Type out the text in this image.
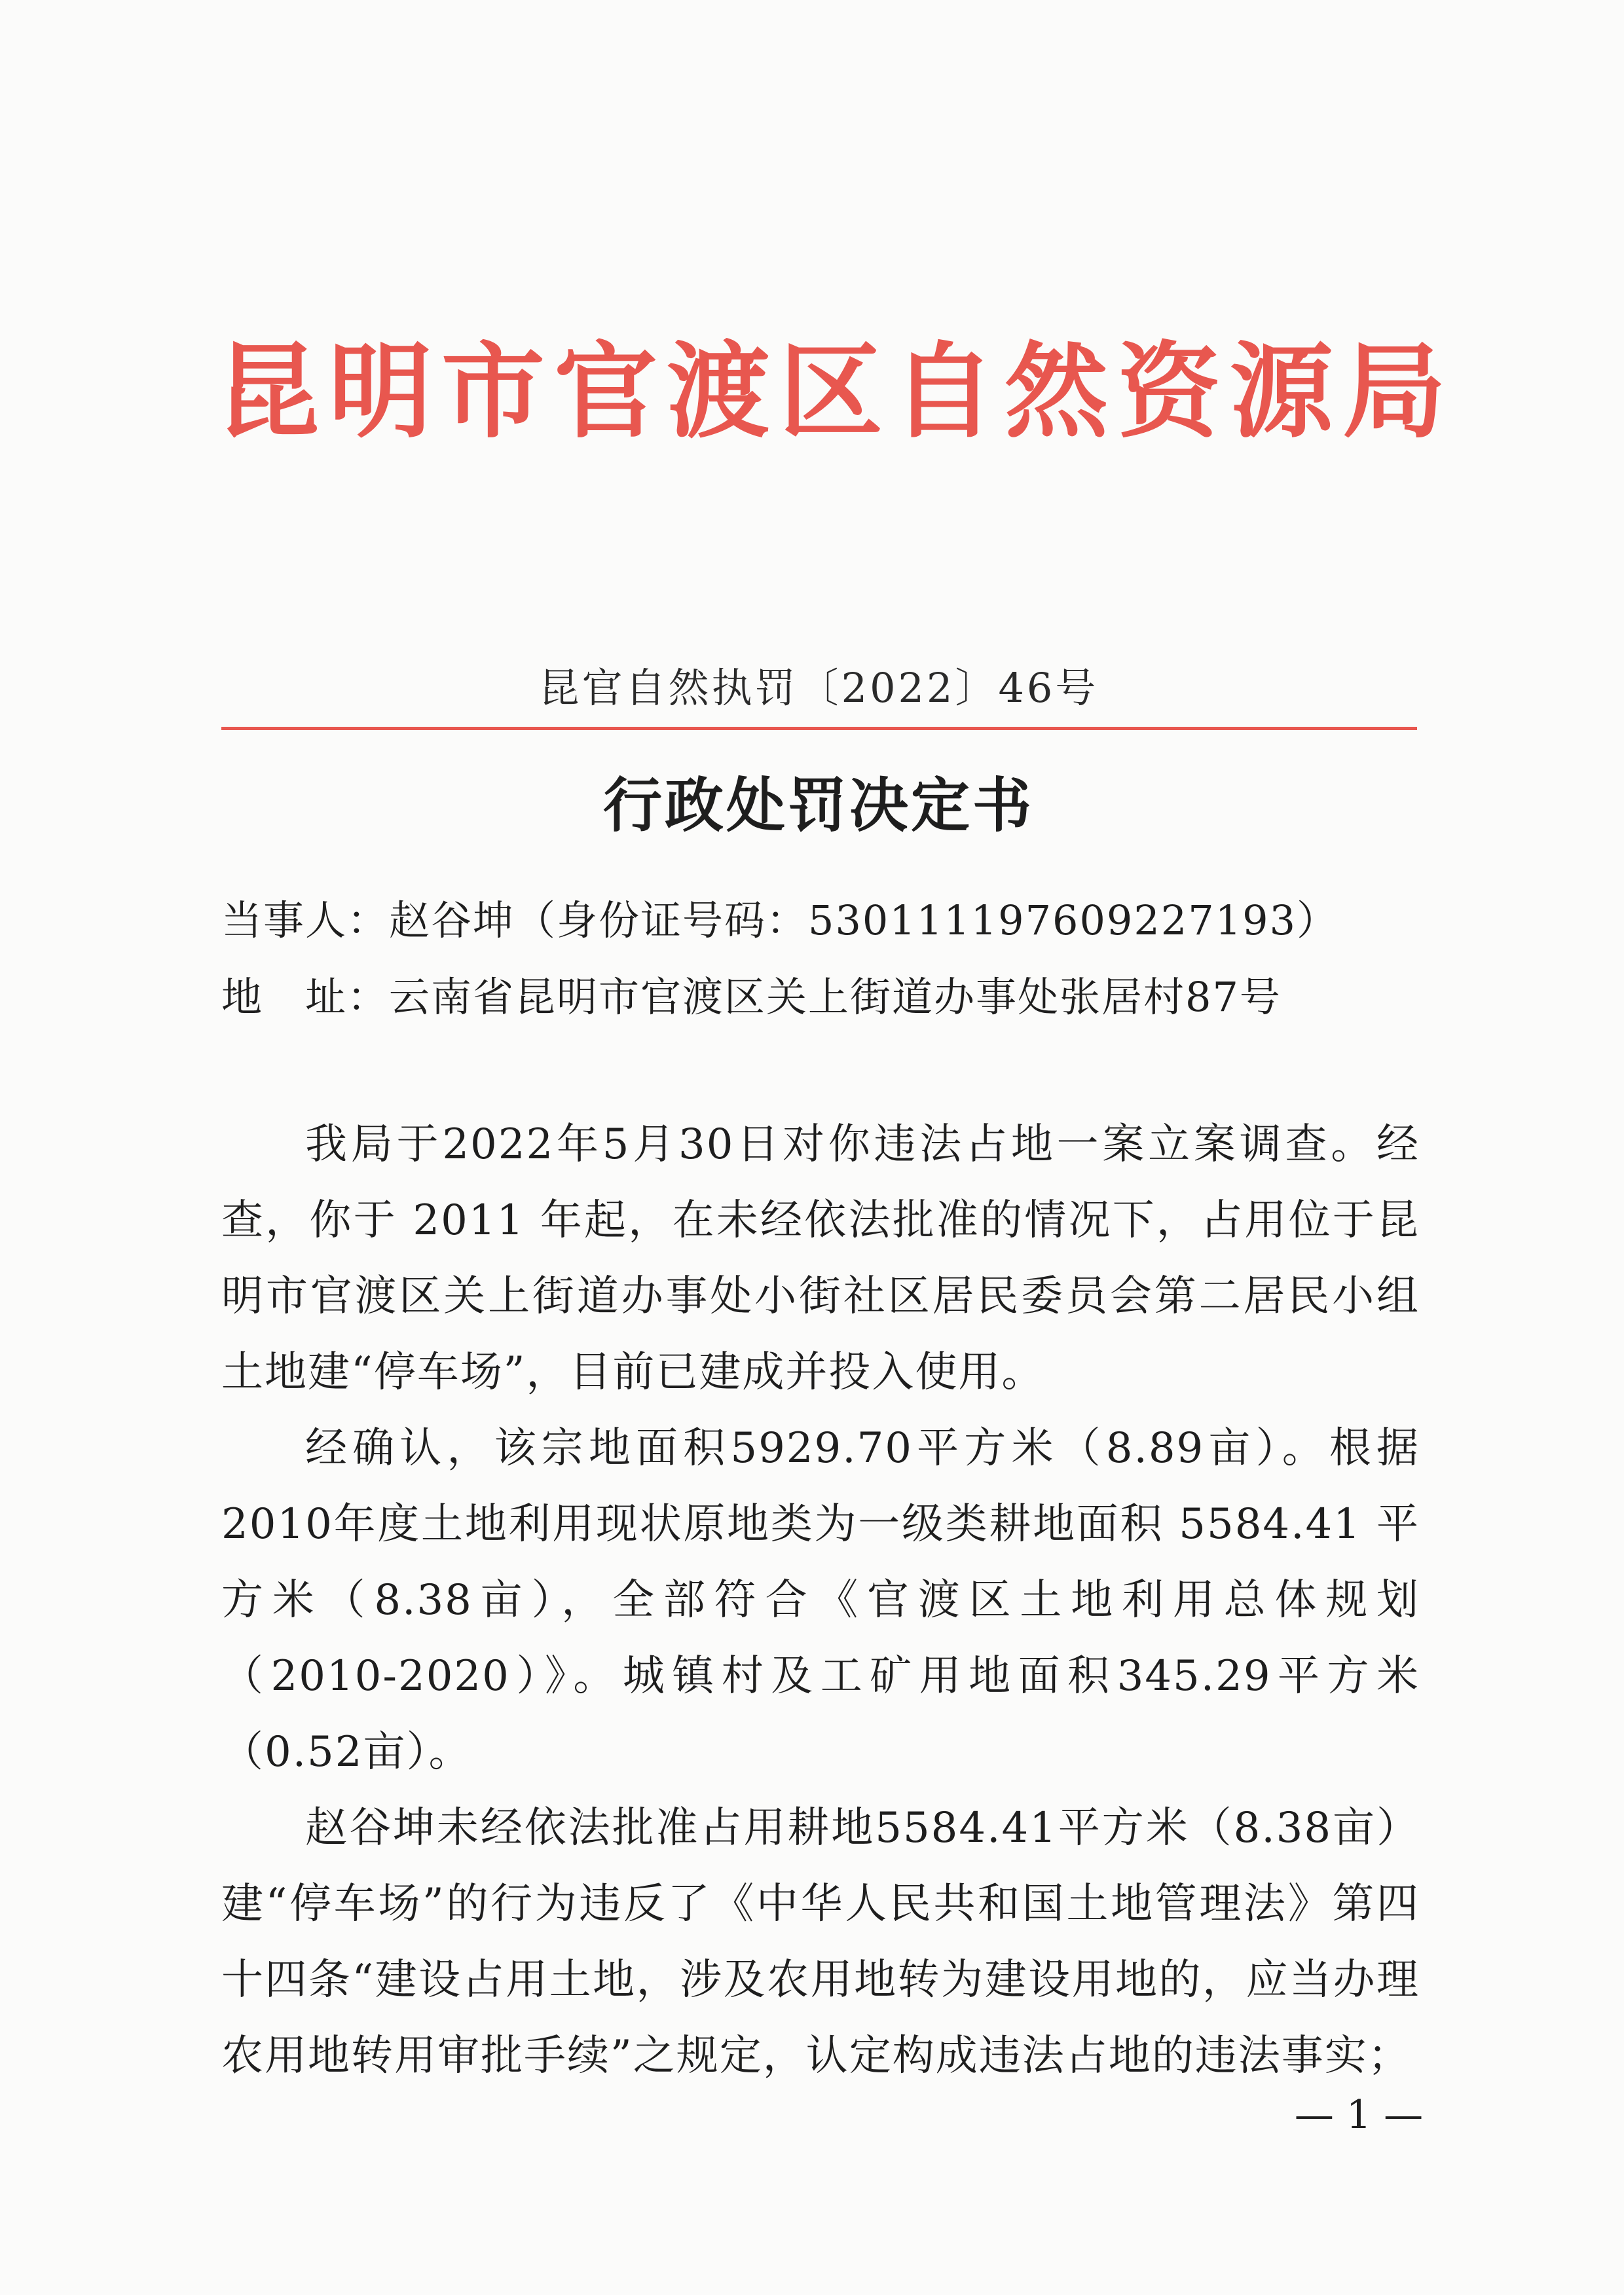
昆明市官渡区自然资源局
昆官自然执罚〔2022〕46号
行政处罚决定书
当事人：赵谷坤（身份证号码：530111197609227193）
地　址：云南省昆明市官渡区关上街道办事处张居村87号

我局于2022年5月30日对你违法占地一案立案调查。经查，你于 2011 年起，在未经依法批准的情况下，占用位于昆明市官渡区关上街道办事处小街社区居民委员会第二居民小组土地建“停车场”，目前已建成并投入使用。

经确认，该宗地面积5929.70平方米（8.89亩）。根据2010年度土地利用现状原地类为一级类耕地面积 5584.41 平方米（8.38亩），全部符合《官渡区土地利用总体规划（2010-2020）》。城镇村及工矿用地面积345.29平方米（0.52亩）。

赵谷坤未经依法批准占用耕地5584.41平方米（8.38亩）建“停车场”的行为违反了《中华人民共和国土地管理法》第四十四条“建设占用土地，涉及农用地转为建设用地的，应当办理农用地转用审批手续”之规定，认定构成违法占地的违法事实；

— 1 —
